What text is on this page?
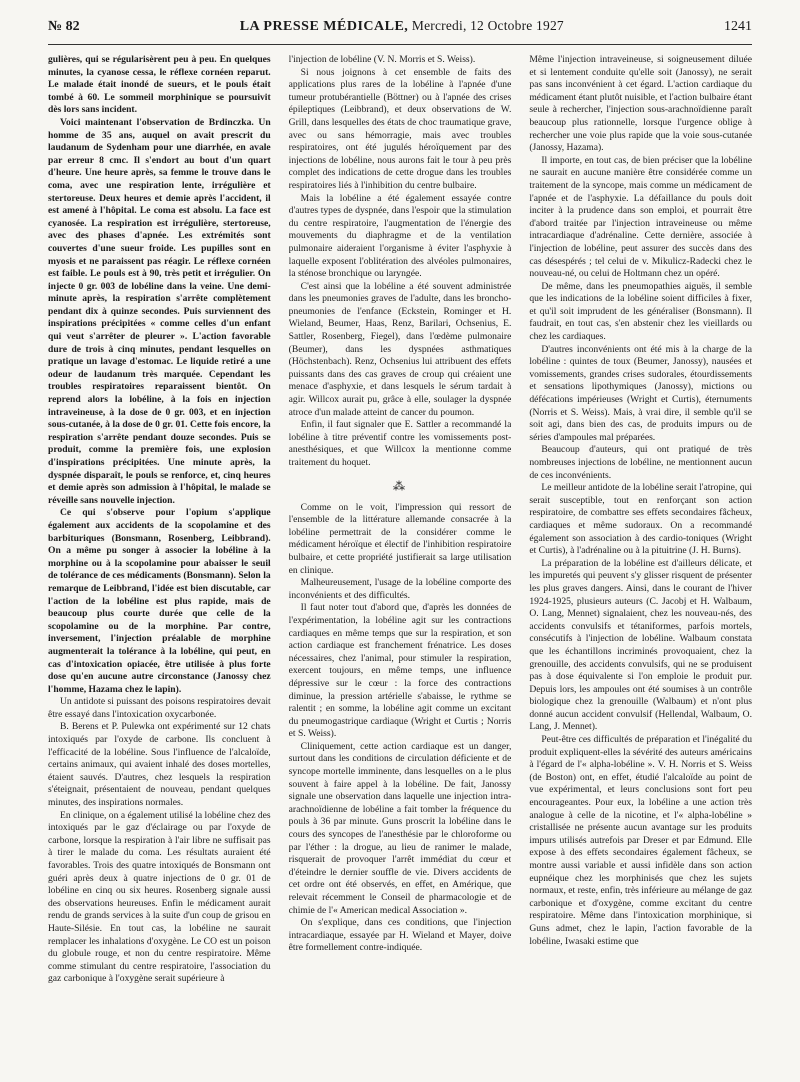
№ 82	LA PRESSE MÉDICALE, Mercredi, 12 Octobre 1927	1241

gulières, qui se régularisèrent peu à peu. En quelques minutes, la cyanose cessa, le réflexe cornéen reparut. Le malade était inondé de sueurs, et le pouls était tombé à 60. Le sommeil morphinique se poursuivit dès lors sans incident.

Voici maintenant l'observation de Brdinczka. Un homme de 35 ans, auquel on avait prescrit du laudanum de Sydenham pour une diarrhée, en avale par erreur 8 cmc. Il s'endort au bout d'un quart d'heure. Une heure après, sa femme le trouve dans le coma, avec une respiration lente, irrégulière et stertoreuse. Deux heures et demie après l'accident, il est amené à l'hôpital. Le coma est absolu. La face est cyanosée. La respiration est irrégulière, stertoreuse, avec des phases d'apnée. Les extrémités sont couvertes d'une sueur froide. Les pupilles sont en myosis et ne paraissent pas réagir. Le réflexe cornéen est faible. Le pouls est à 90, très petit et irrégulier. On injecte 0 gr. 003 de lobéline dans la veine. Une demi-minute après, la respiration s'arrête complètement pendant dix à quinze secondes. Puis surviennent des inspirations précipitées « comme celles d'un enfant qui veut s'arrêter de pleurer ». L'action favorable dure de trois à cinq minutes, pendant lesquelles on pratique un lavage d'estomac. Le liquide retiré a une odeur de laudanum très marquée. Cependant les troubles respiratoires reparaissent bientôt. On reprend alors la lobéline, à la fois en injection intraveineuse, à la dose de 0 gr. 003, et en injection sous-cutanée, à la dose de 0 gr. 01. Cette fois encore, la respiration s'arrête pendant douze secondes. Puis se produit, comme la première fois, une explosion d'inspirations précipitées. Une minute après, la dyspnée disparaît, le pouls se renforce, et, cinq heures et demie après son admission à l'hôpital, le malade se réveille sans nouvelle injection.

Ce qui s'observe pour l'opium s'applique également aux accidents de la scopolamine et des barbituriques (Bonsmann, Rosenberg, Leibbrand). On a même pu songer à associer la lobéline à la morphine ou à la scopolamine pour abaisser le seuil de tolérance de ces médicaments (Bonsmann). Selon la remarque de Leibbrand, l'idée est bien discutable, car l'action de la lobéline est plus rapide, mais de beaucoup plus courte durée que celle de la scopolamine ou de la morphine. Par contre, inversement, l'injection préalable de morphine augmenterait la tolérance à la lobéline, qui peut, en cas d'intoxication opiacée, être utilisée à plus forte dose qu'en aucune autre circonstance (Janossy chez l'homme, Hazama chez le lapin).

Un antidote si puissant des poisons respiratoires devait être essayé dans l'intoxication oxycarbonée.

B. Berens et P. Pulewka ont expérimenté sur 12 chats intoxiqués par l'oxyde de carbone. Ils concluent à l'efficacité de la lobéline. Sous l'influence de l'alcaloïde, certains animaux, qui avaient inhalé des doses mortelles, étaient sauvés. D'autres, chez lesquels la respiration s'éteignait, présentaient de nouveau, pendant quelques minutes, des inspirations normales.

En clinique, on a également utilisé la lobéline chez des intoxiqués par le gaz d'éclairage ou par l'oxyde de carbone, lorsque la respiration à l'air libre ne suffisait pas à tirer le malade du coma. Les résultats auraient été favorables. Trois des quatre intoxiqués de Bonsmann ont guéri après deux à quatre injections de 0 gr. 01 de lobéline en cinq ou six heures. Rosenberg signale aussi des observations heureuses. Enfin le médicament aurait rendu de grands services à la suite d'un coup de grisou en Haute-Silésie. En tout cas, la lobéline ne saurait remplacer les inhalations d'oxygène. Le CO est un poison du globule rouge, et non du centre respiratoire. Même comme stimulant du centre respiratoire, l'association du gaz carbonique à l'oxygène serait supérieure à

l'injection de lobéline (V. N. Morris et S. Weiss).

Si nous joignons à cet ensemble de faits des applications plus rares de la lobéline à l'apnée d'une tumeur protubérantielle (Böttner) ou à l'apnée des crises épileptiques (Leibbrand), et deux observations de W. Grill, dans lesquelles des états de choc traumatique grave, avec ou sans hémorragie, mais avec troubles respiratoires, ont été jugulés héroïquement par des injections de lobéline, nous aurons fait le tour à peu près complet des indications de cette drogue dans les troubles respiratoires liés à l'inhibition du centre bulbaire.

Mais la lobéline a été également essayée contre d'autres types de dyspnée, dans l'espoir que la stimulation du centre respiratoire, l'augmentation de l'énergie des mouvements du diaphragme et de la ventilation pulmonaire aideraient l'organisme à éviter l'asphyxie à laquelle exposent l'oblitération des alvéoles pulmonaires, la sténose bronchique ou laryngée.

C'est ainsi que la lobéline a été souvent administrée dans les pneumonies graves de l'adulte, dans les broncho-pneumonies de l'enfance (Eckstein, Rominger et H. Wieland, Beumer, Haas, Renz, Barilari, Ochsenius, E. Sattler, Rosenberg, Fiegel), dans l'œdème pulmonaire (Beumer), dans les dyspnées asthmatiques (Höchstenbach). Renz, Ochsenius lui attribuent des effets puissants dans des cas graves de croup qui créaient une menace d'asphyxie, et dans lesquels le sérum tardait à agir. Willcox aurait pu, grâce à elle, soulager la dyspnée atroce d'un malade atteint de cancer du poumon.

Enfin, il faut signaler que E. Sattler a recommandé la lobéline à titre préventif contre les vomissements post-anesthésiques, et que Willcox la mentionne comme traitement du hoquet.

⁂

Comme on le voit, l'impression qui ressort de l'ensemble de la littérature allemande consacrée à la lobéline permettrait de la considérer comme le médicament héroïque et électif de l'inhibition respiratoire bulbaire, et cette propriété justifierait sa large utilisation en clinique.

Malheureusement, l'usage de la lobéline comporte des inconvénients et des difficultés.

Il faut noter tout d'abord que, d'après les données de l'expérimentation, la lobéline agit sur les contractions cardiaques en même temps que sur la respiration, et son action cardiaque est franchement frénatrice. Les doses nécessaires, chez l'animal, pour stimuler la respiration, exercent toujours, en même temps, une influence dépressive sur le cœur : la force des contractions diminue, la pression artérielle s'abaisse, le rythme se ralentit ; en somme, la lobéline agit comme un excitant du pneumogastrique cardiaque (Wright et Curtis ; Norris et S. Weiss).

Cliniquement, cette action cardiaque est un danger, surtout dans les conditions de circulation déficiente et de syncope mortelle imminente, dans lesquelles on a le plus souvent à faire appel à la lobéline. De fait, Janossy signale une observation dans laquelle une injection intra-arachnoïdienne de lobéline a fait tomber la fréquence du pouls à 36 par minute. Guns proscrit la lobéline dans le cours des syncopes de l'anesthésie par le chloroforme ou par l'éther : la drogue, au lieu de ranimer le malade, risquerait de provoquer l'arrêt immédiat du cœur et d'éteindre le dernier souffle de vie. Divers accidents de cet ordre ont été observés, en effet, en Amérique, que relevait récemment le Conseil de pharmacologie et de chimie de l'« American medical Association ».

On s'explique, dans ces conditions, que l'injection intracardiaque, essayée par H. Wieland et Mayer, doive être formellement contre-indiquée.

Même l'injection intraveineuse, si soigneusement diluée et si lentement conduite qu'elle soit (Janossy), ne serait pas sans inconvénient à cet égard. L'action cardiaque du médicament étant plutôt nuisible, et l'action bulbaire étant seule à rechercher, l'injection sous-arachnoïdienne paraît beaucoup plus rationnelle, lorsque l'urgence oblige à rechercher une voie plus rapide que la voie sous-cutanée (Janossy, Hazama).

Il importe, en tout cas, de bien préciser que la lobéline ne saurait en aucune manière être considérée comme un traitement de la syncope, mais comme un médicament de l'apnée et de l'asphyxie. La défaillance du pouls doit inciter à la prudence dans son emploi, et pourrait être d'abord traitée par l'injection intraveineuse ou même intracardiaque d'adrénaline. Cette dernière, associée à l'injection de lobéline, peut assurer des succès dans des cas désespérés ; tel celui de v. Mikulicz-Radecki chez le nouveau-né, ou celui de Holtmann chez un opéré.

De même, dans les pneumopathies aiguës, il semble que les indications de la lobéline soient difficiles à fixer, et qu'il soit imprudent de les généraliser (Bonsmann). Il faudrait, en tout cas, s'en abstenir chez les vieillards ou chez les cardiaques.

D'autres inconvénients ont été mis à la charge de la lobéline : quintes de toux (Beumer, Janossy), nausées et vomissements, grandes crises sudorales, étourdissements et sensations lipothymiques (Janossy), mictions ou défécations impérieuses (Wright et Curtis), éternuments (Norris et S. Weiss). Mais, à vrai dire, il semble qu'il se soit agi, dans bien des cas, de produits impurs ou de séries d'ampoules mal préparées.

Beaucoup d'auteurs, qui ont pratiqué de très nombreuses injections de lobéline, ne mentionnent aucun de ces inconvénients.

Le meilleur antidote de la lobéline serait l'atropine, qui serait susceptible, tout en renforçant son action respiratoire, de combattre ses effets secondaires fâcheux, cardiaques et même sudoraux. On a recommandé également son association à des cardio-toniques (Wright et Curtis), à l'adrénaline ou à la pituitrine (J. H. Burns).

La préparation de la lobéline est d'ailleurs délicate, et les impuretés qui peuvent s'y glisser risquent de présenter les plus graves dangers. Ainsi, dans le courant de l'hiver 1924-1925, plusieurs auteurs (C. Jacobj et H. Walbaum, O. Lang, Mennet) signalaient, chez les nouveau-nés, des accidents convulsifs et tétaniformes, parfois mortels, consécutifs à l'injection de lobéline. Walbaum constata que les échantillons incriminés provoquaient, chez la grenouille, des accidents convulsifs, qui ne se produisent pas à dose équivalente si l'on emploie le produit pur. Depuis lors, les ampoules ont été soumises à un contrôle biologique chez la grenouille (Walbaum) et n'ont plus donné aucun accident convulsif (Hellendal, Walbaum, O. Lang, J. Mennet).

Peut-être ces difficultés de préparation et l'inégalité du produit expliquent-elles la sévérité des auteurs américains à l'égard de l'« alpha-lobéline ». V. H. Norris et S. Weiss (de Boston) ont, en effet, étudié l'alcaloïde au point de vue expérimental, et leurs conclusions sont fort peu encourageantes. Pour eux, la lobéline a une action très analogue à celle de la nicotine, et l'« alpha-lobéline » cristallisée ne présente aucun avantage sur les produits impurs utilisés autrefois par Dreser et par Edmund. Elle expose à des effets secondaires également fâcheux, se montre aussi variable et aussi infidèle dans son action eupnéique chez les morphinisés que chez les sujets normaux, et reste, enfin, très inférieure au mélange de gaz carbonique et d'oxygène, comme excitant du centre respiratoire. Même dans l'intoxication morphinique, si Guns admet, chez le lapin, l'action favorable de la lobéline, Iwasaki estime que
